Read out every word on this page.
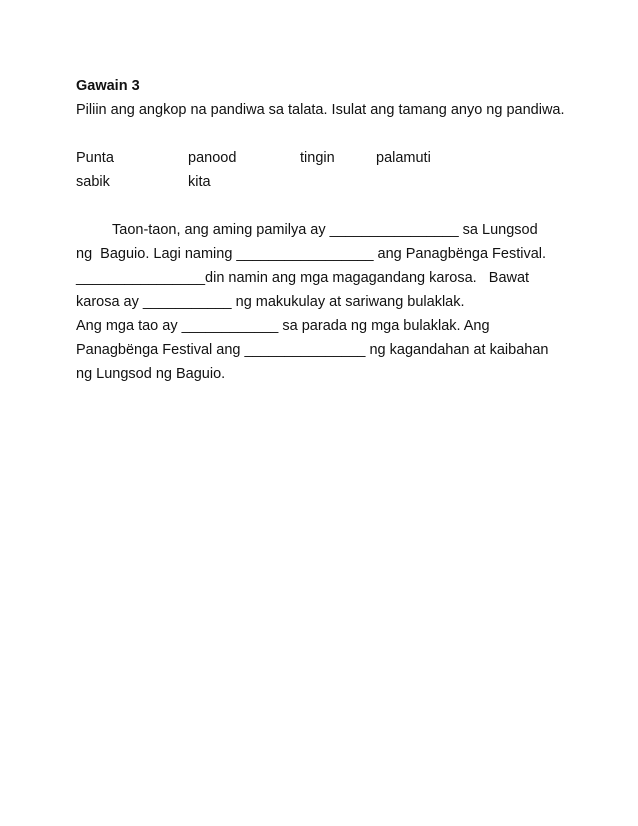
Gawain 3

Piliin ang angkop na pandiwa sa talata. Isulat ang tamang anyo ng pandiwa.

Punta	panood	tingin	palamuti
sabik	kita
Taon-taon, ang aming pamilya ay ________________ sa Lungsod
ng  Baguio. Lagi naming _________________ ang Panagbënga Festival.
________________din namin ang mga magagandang karosa.   Bawat
karosa ay ___________ ng makukulay at sariwang bulaklak.
Ang mga tao ay ____________ sa parada ng mga bulaklak. Ang
Panagbënga Festival ang _______________ ng kagandahan at kaibahan
ng Lungsod ng Baguio.
